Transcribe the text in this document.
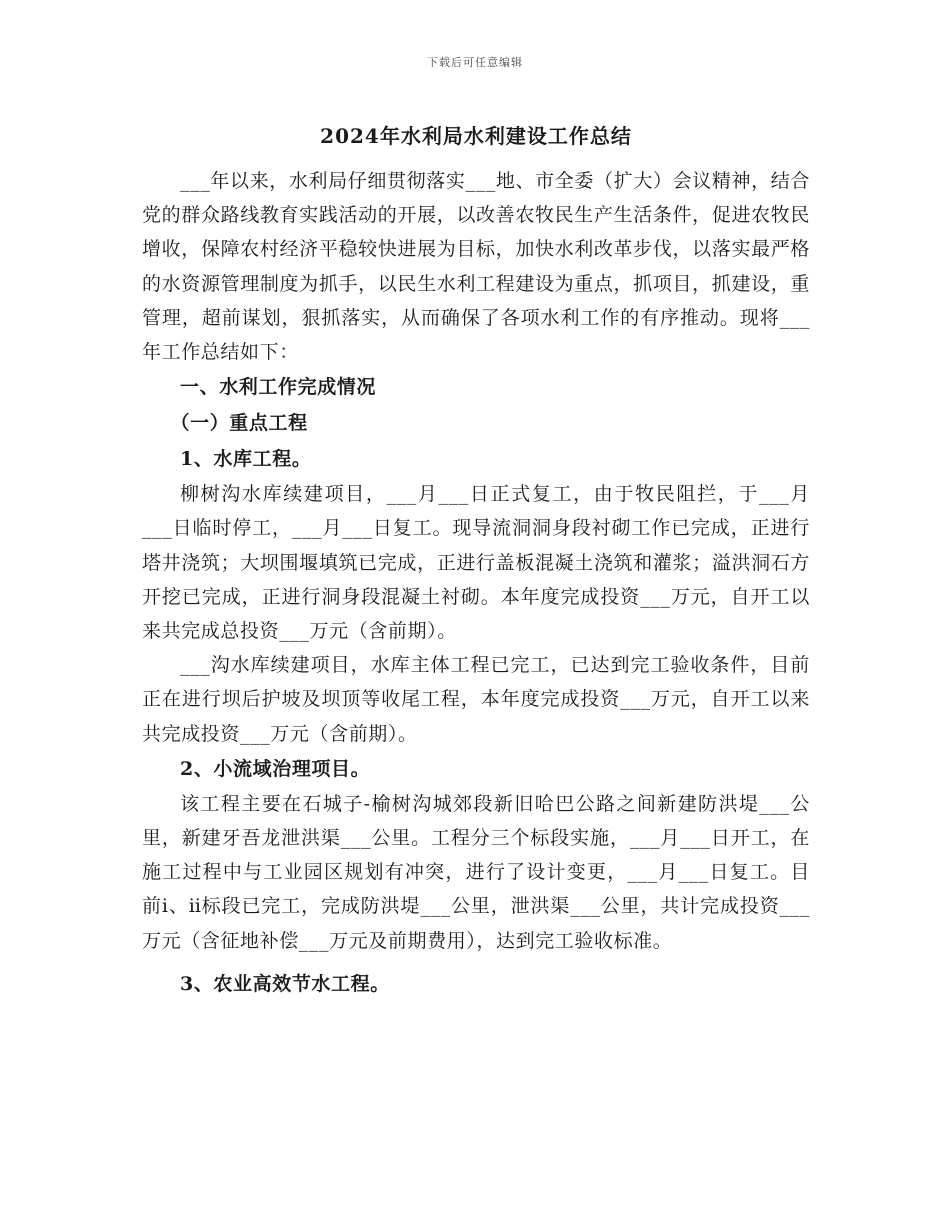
下载后可任意编辑
2024年水利局水利建设工作总结

___年以来，水利局仔细贯彻落实___地、市全委（扩大）会议精神，结合党的群众路线教育实践活动的开展，以改善农牧民生产生活条件，促进农牧民增收，保障农村经济平稳较快进展为目标，加快水利改革步伐，以落实最严格的水资源管理制度为抓手，以民生水利工程建设为重点，抓项目，抓建设，重管理，超前谋划，狠抓落实，从而确保了各项水利工作的有序推动。现将___年工作总结如下：

一、水利工作完成情况
（一）重点工程
1、水库工程。

柳树沟水库续建项目，___月___日正式复工，由于牧民阻拦，于___月___日临时停工，___月___日复工。现导流洞洞身段衬砌工作已完成，正进行塔井浇筑；大坝围堰填筑已完成，正进行盖板混凝土浇筑和灌浆；溢洪洞石方开挖已完成，正进行洞身段混凝土衬砌。本年度完成投资___万元，自开工以来共完成总投资___万元（含前期）。

___沟水库续建项目，水库主体工程已完工，已达到完工验收条件，目前正在进行坝后护坡及坝顶等收尾工程，本年度完成投资___万元，自开工以来共完成投资___万元（含前期）。

2、小流域治理项目。

该工程主要在石城子-榆树沟城郊段新旧哈巴公路之间新建防洪堤___公里，新建牙吾龙泄洪渠___公里。工程分三个标段实施，___月___日开工，在施工过程中与工业园区规划有冲突，进行了设计变更，___月___日复工。目前ⅰ、ⅱ标段已完工，完成防洪堤___公里，泄洪渠___公里，共计完成投资___万元（含征地补偿___万元及前期费用），达到完工验收标准。

3、农业高效节水工程。
